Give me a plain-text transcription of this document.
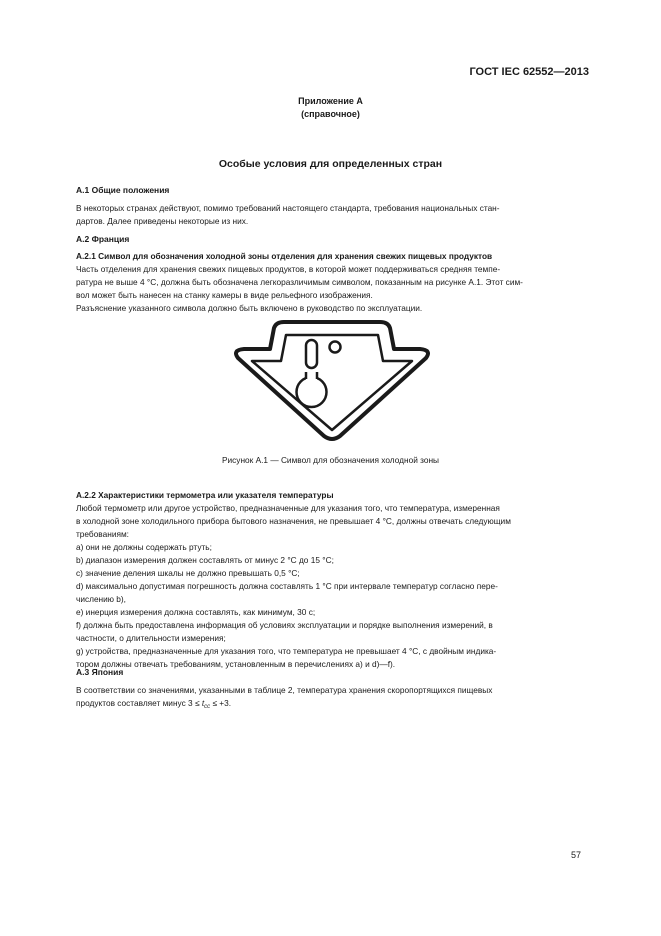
ГОСТ IEC 62552—2013
Приложение А
(справочное)
Особые условия для определенных стран
А.1 Общие положения
В некоторых странах действуют, помимо требований настоящего стандарта, требования национальных стан-
дартов. Далее приведены некоторые из них.
А.2 Франция
А.2.1 Символ для обозначения холодной зоны отделения для хранения свежих пищевых продуктов
Часть отделения для хранения свежих пищевых продуктов, в которой может поддерживаться средняя темпе-
ратура не выше 4 °С, должна быть обозначена легкоразличимым символом, показанным на рисунке А.1. Этот сим-
вол может быть нанесен на станку камеры в виде рельефного изображения.
Разъяснение указанного символа должно быть включено в руководство по эксплуатации.
Рисунок А.1 — Символ для обозначения холодной зоны
А.2.2 Характеристики термометра или указателя температуры
Любой термометр или другое устройство, предназначенные для указания того, что температура, измеренная
в холодной зоне холодильного прибора бытового назначения, не превышает 4 °С, должны отвечать следующим
требованиям:
а) они не должны содержать ртуть;
b) диапазон измерения должен составлять от минус 2 °С до 15 °С;
с) значение деления шкалы не должно превышать 0,5 °С;
d) максимально допустимая погрешность должна составлять 1 °С при интервале температур согласно пере-
числению b),
е) инерция измерения должна составлять, как минимум, 30 с;
f) должна быть предоставлена информация об условиях эксплуатации и порядке выполнения измерений, в
частности, о длительности измерения;
g) устройства, предназначенные для указания того, что температура не превышает 4 °С, с двойным индика-
тором должны отвечать требованиям, установленным в перечислениях а) и d)—f).
А.3 Япония
В соответствии со значениями, указанными в таблице 2, температура хранения скоропортящихся пищевых
продуктов составляет минус $3 \le t_{cc} \le +3$.
57
